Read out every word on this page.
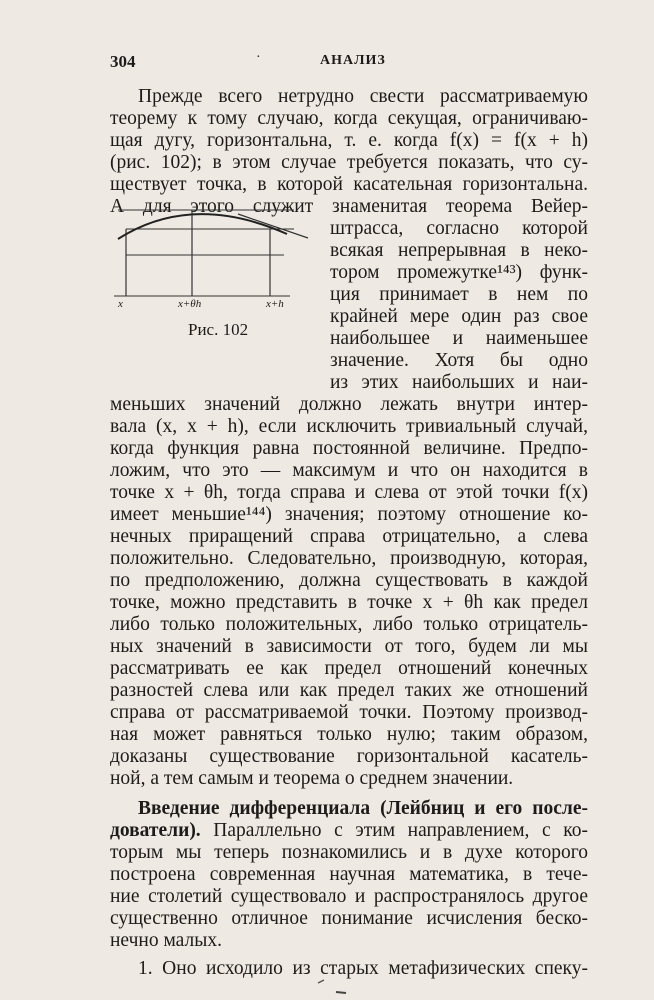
304	·	АНАЛИЗ
Прежде всего нетрудно свести рассматриваемую
теорему к тому случаю, когда секущая, ограничиваю-
щая дугу, горизонтальна, т. е. когда f(x) = f(x + h)
(рис. 102); в этом случае требуется показать, что су-
ществует точка, в которой касательная горизонтальна.
А для этого служит знаменитая теорема Вейер-
x	x+θh	x+h
Рис. 102
штрасса, согласно которой
всякая непрерывная в неко-
тором промежутке¹⁴³) функ-
ция принимает в нем по
крайней мере один раз свое
наибольшее и наименьшее
значение. Хотя бы одно
из этих наибольших и наи-
меньших значений должно лежать внутри интер-
вала (x, x + h), если исключить тривиальный случай,
когда функция равна постоянной величине. Предпо-
ложим, что это — максимум и что он находится в
точке x + θh, тогда справа и слева от этой точки f(x)
имеет меньшие¹⁴⁴) значения; поэтому отношение ко-
нечных приращений справа отрицательно, а слева
положительно. Следовательно, производную, которая,
по предположению, должна существовать в каждой
точке, можно представить в точке x + θh как предел
либо только положительных, либо только отрицатель-
ных значений в зависимости от того, будем ли мы
рассматривать ее как предел отношений конечных
разностей слева или как предел таких же отношений
справа от рассматриваемой точки. Поэтому производ-
ная может равняться только нулю; таким образом,
доказаны существование горизонтальной касатель-
ной, а тем самым и теорема о среднем значении.
Введение дифференциала (Лейбниц и его после-
дователи). Параллельно с этим направлением, с ко-
торым мы теперь познакомились и в духе которого
построена современная научная математика, в тече-
ние столетий существовало и распространялось другое
существенно отличное понимание исчисления беско-
нечно малых.
1. Оно исходило из старых метафизических спеку-
